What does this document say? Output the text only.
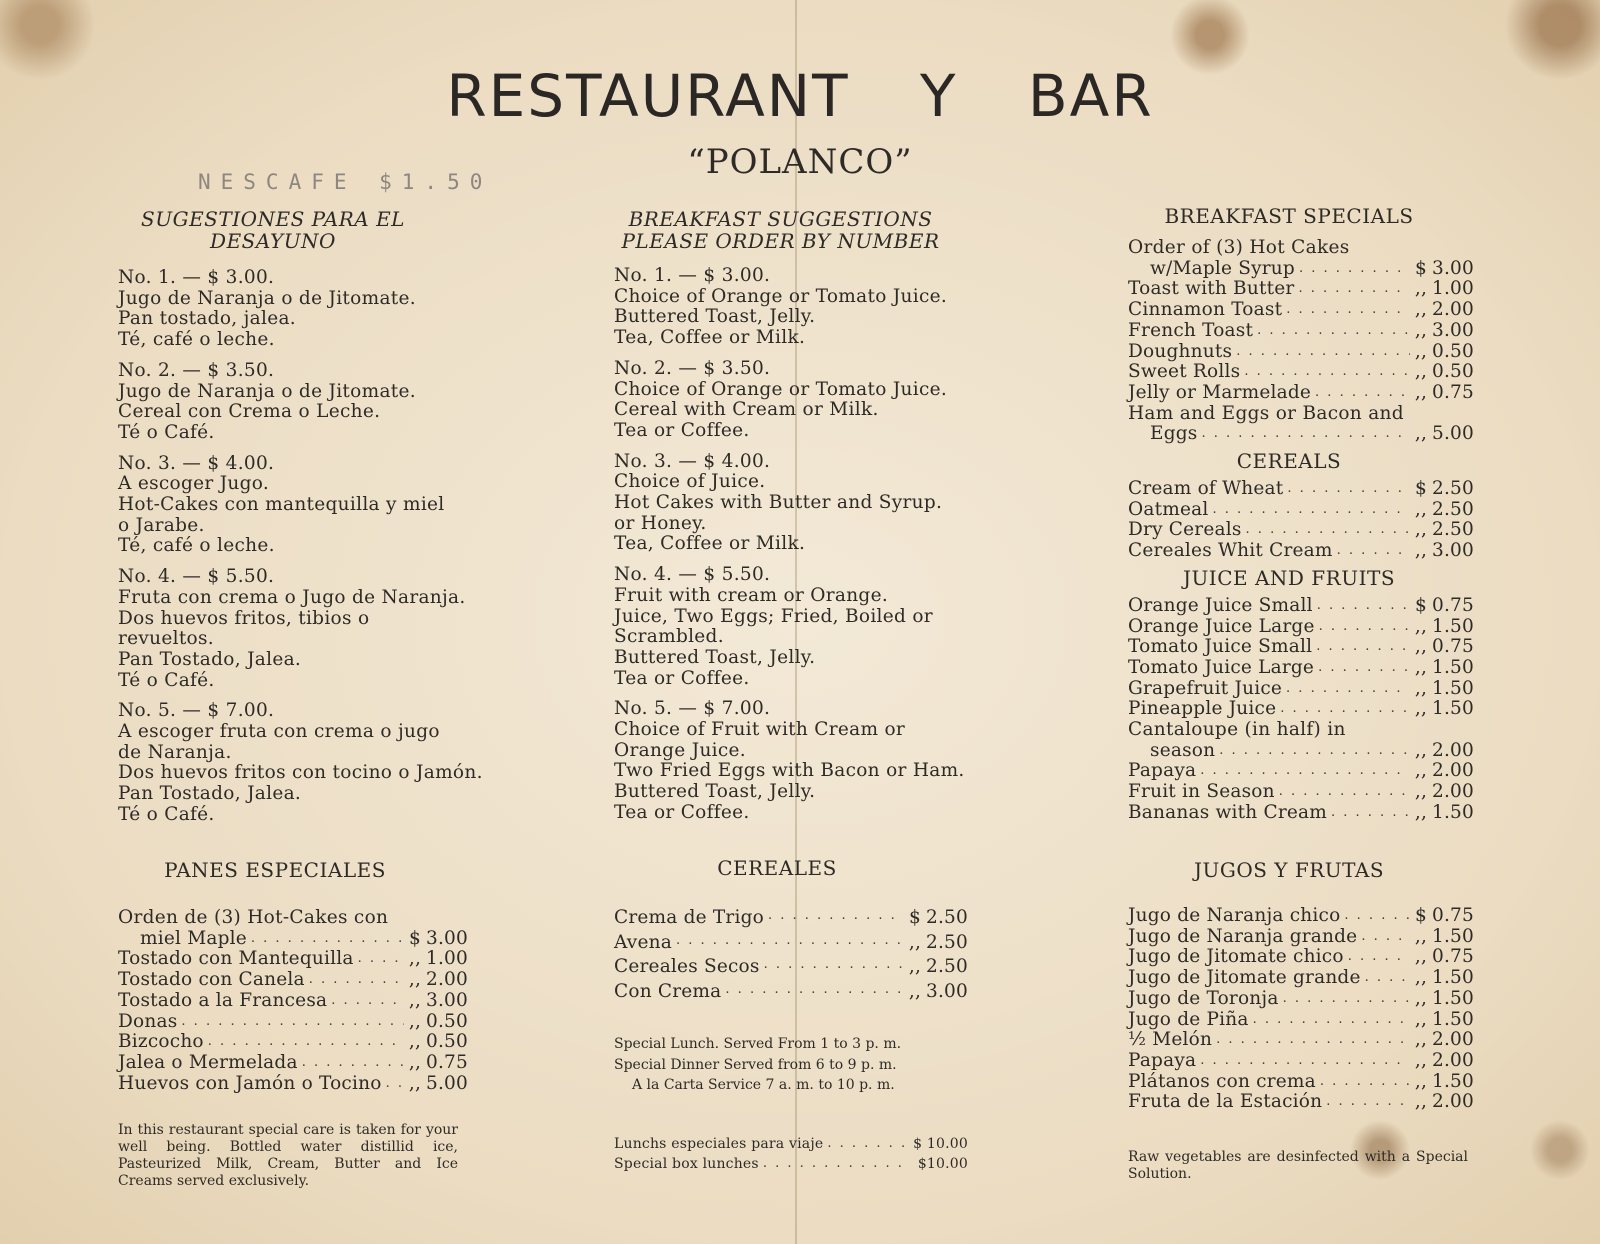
RESTAURANT Y BAR
“POLANCO”
NESCAFE $1.50
SUGESTIONES PARA EL
DESAYUNO
No. 1. — $ 3.00.
Jugo de Naranja o de Jitomate.
Pan tostado, jalea.
Té, café o leche.
No. 2. — $ 3.50.
Jugo de Naranja o de Jitomate.
Cereal con Crema o Leche.
Té o Café.
No. 3. — $ 4.00.
A escoger Jugo.
Hot-Cakes con mantequilla y miel
o Jarabe.
Té, café o leche.
No. 4. — $ 5.50.
Fruta con crema o Jugo de Naranja.
Dos huevos fritos, tibios o
revueltos.
Pan Tostado, Jalea.
Té o Café.
No. 5. — $ 7.00.
A escoger fruta con crema o jugo
de Naranja.
Dos huevos fritos con tocino o Jamón.
Pan Tostado, Jalea.
Té o Café.
PANES ESPECIALES
Orden de (3) Hot-Cakes con
miel Maple . . .	$ 3.00
Tostado con Mantequilla . . .	,, 1.00
Tostado con Canela . . .	,, 2.00
Tostado a la Francesa . . .	,, 3.00
Donas . . .	,, 0.50
Bizcocho . . .	,, 0.50
Jalea o Mermelada . . .	,, 0.75
Huevos con Jamón o Tocino . . . ,, 5.00
In this restaurant special care is taken for your well being. Bottled water distillid ice, Pasteurized Milk, Cream, Butter and Ice Creams served exclusively.
BREAKFAST SUGGESTIONS
PLEASE ORDER BY NUMBER
No. 1. — $ 3.00.
Choice of Orange or Tomato Juice.
Buttered Toast, Jelly.
Tea, Coffee or Milk.
No. 2. — $ 3.50.
Choice of Orange or Tomato Juice.
Cereal with Cream or Milk.
Tea or Coffee.
No. 3. — $ 4.00.
Choice of Juice.
Hot Cakes with Butter and Syrup.
or Honey.
Tea, Coffee or Milk.
No. 4. — $ 5.50.
Fruit with cream or Orange.
Juice, Two Eggs; Fried, Boiled or
Scrambled.
Buttered Toast, Jelly.
Tea or Coffee.
No. 5. — $ 7.00.
Choice of Fruit with Cream or
Orange Juice.
Two Fried Eggs with Bacon or Ham.
Buttered Toast, Jelly.
Tea or Coffee.
CEREALES
Crema de Trigo . . .	$ 2.50
Avena . . .	,, 2.50
Cereales Secos . . .	,, 2.50
Con Crema . . .	,, 3.00
Special Lunch. Served From 1 to 3 p. m.
Special Dinner Served from 6 to 9 p. m.
A la Carta Service 7 a. m. to 10 p. m.
Lunchs especiales para viaje . . .	$ 10.00
Special box lunches . . .	$10.00
BREAKFAST SPECIALS
Order of (3) Hot Cakes
w/Maple Syrup . . .	$ 3.00
Toast with Butter . . .	,, 1.00
Cinnamon Toast . . .	,, 2.00
French Toast . . .	,, 3.00
Doughnuts . . .	,, 0.50
Sweet Rolls . . .	,, 0.50
Jelly or Marmelade . . .	,, 0.75
Ham and Eggs or Bacon and
Eggs . . .	,, 5.00
CEREALS
Cream of Wheat . . .	$ 2.50
Oatmeal . . .	,, 2.50
Dry Cereals . . .	,, 2.50
Cereales Whit Cream . . .	,, 3.00
JUICE AND FRUITS
Orange Juice Small . . .	$ 0.75
Orange Juice Large . . .	,, 1.50
Tomato Juice Small . . .	,, 0.75
Tomato Juice Large . . .	,, 1.50
Grapefruit Juice . . .	,, 1.50
Pineapple Juice . . .	,, 1.50
Cantaloupe (in half) in
season . . .	,, 2.00
Papaya . . .	,, 2.00
Fruit in Season . . .	,, 2.00
Bananas with Cream . . .	,, 1.50
JUGOS Y FRUTAS
Jugo de Naranja chico . . .	$ 0.75
Jugo de Naranja grande . . .	,, 1.50
Jugo de Jitomate chico . . .	,, 0.75
Jugo de Jitomate grande . . .	,, 1.50
Jugo de Toronja . . .	,, 1.50
Jugo de Piña . . .	,, 1.50
½ Melón . . .	,, 2.00
Papaya . . .	,, 2.00
Plátanos con crema . . .	,, 1.50
Fruta de la Estación . . .	,, 2.00
Raw vegetables are desinfected with a Special Solution.
